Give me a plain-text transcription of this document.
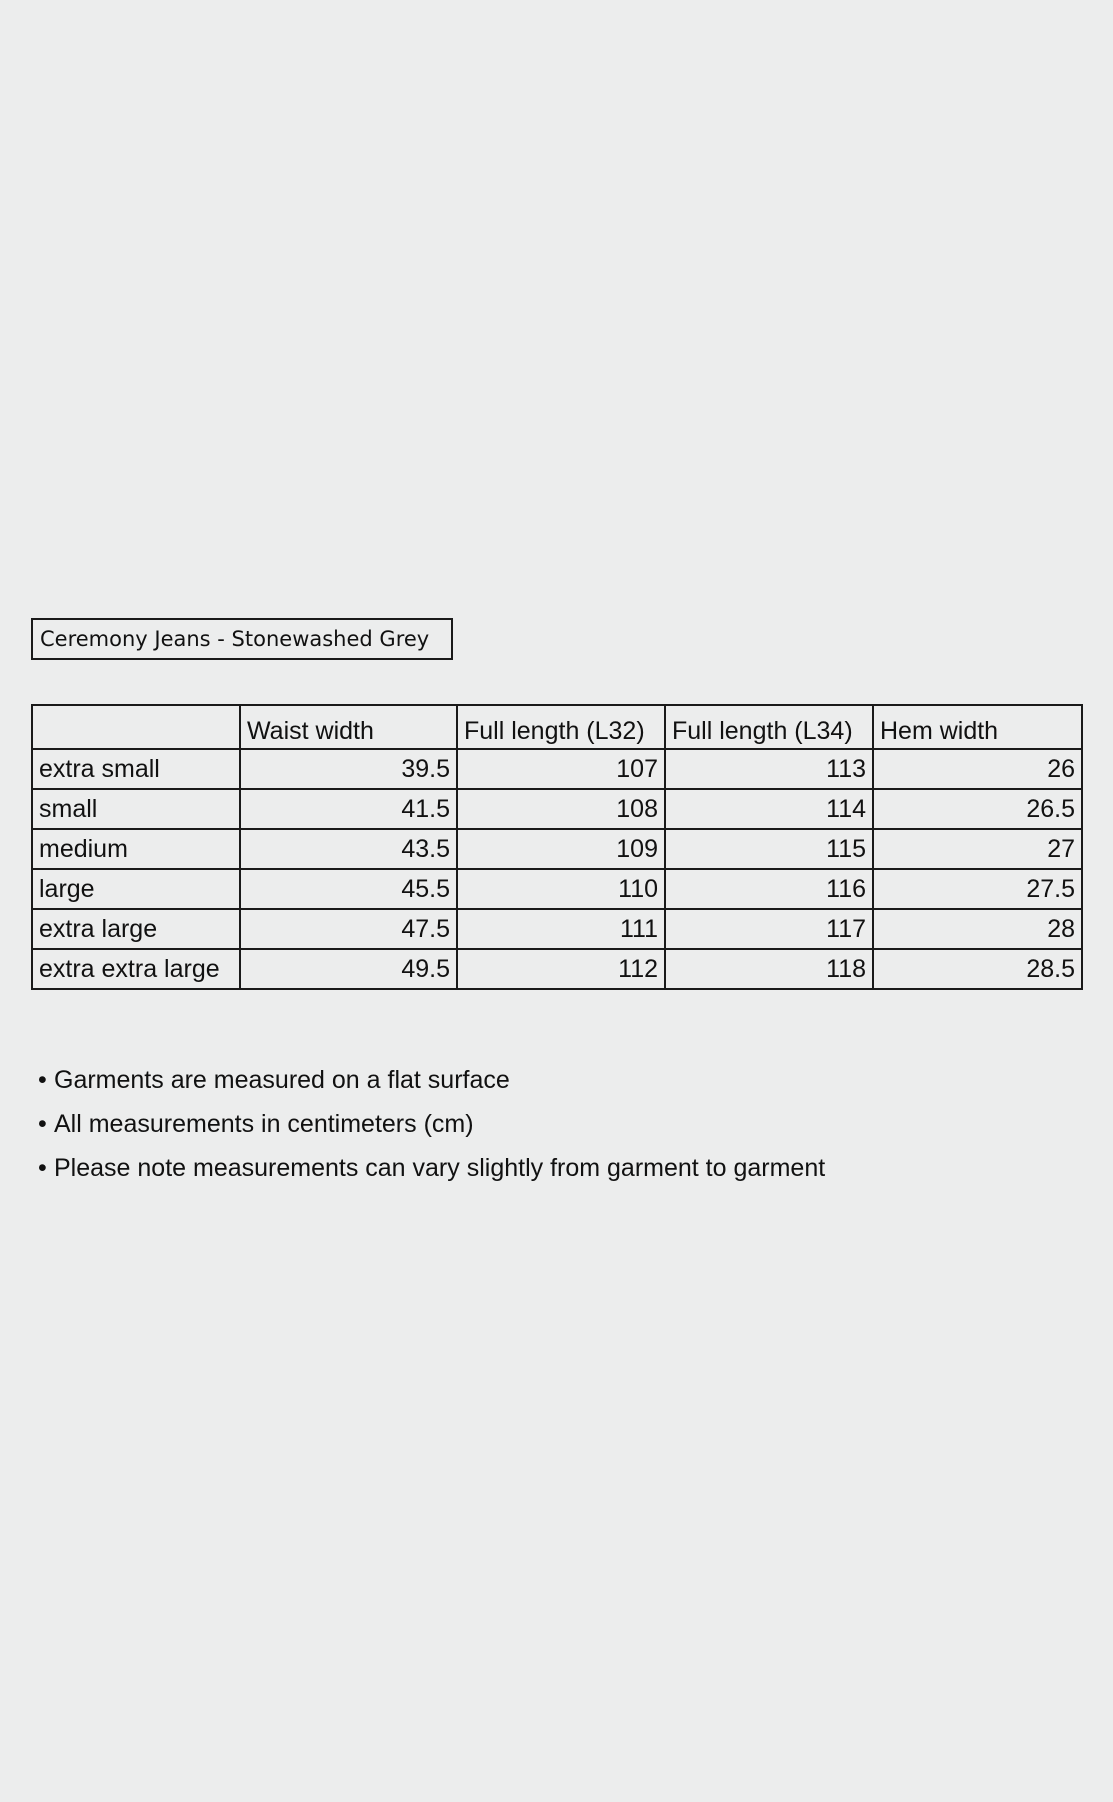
Ceremony Jeans - Stonewashed Grey
	Waist width	Full length (L32)	Full length (L34)	Hem width
extra small	39.5	107	113	26
small	41.5	108	114	26.5
medium	43.5	109	115	27
large	45.5	110	116	27.5
extra large	47.5	111	117	28
extra extra large	49.5	112	118	28.5
• Garments are measured on a flat surface
• All measurements in centimeters (cm)
• Please note measurements can vary slightly from garment to garment
